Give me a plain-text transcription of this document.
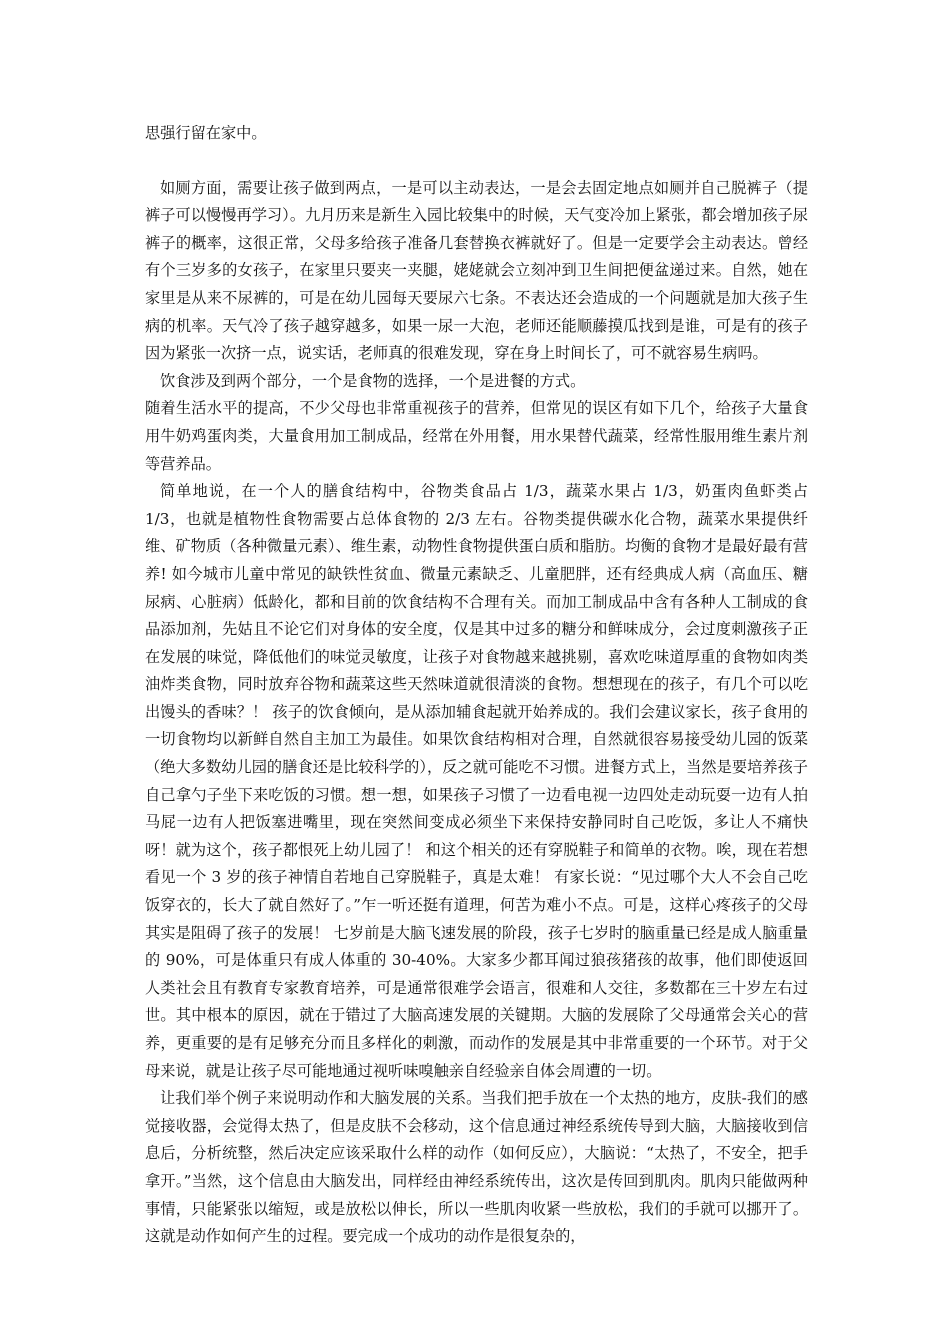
思强行留在家中。

如厕方面，需要让孩子做到两点，一是可以主动表达，一是会去固定地点如厕并自己脱裤子（提裤子可以慢慢再学习）。九月历来是新生入园比较集中的时候，天气变冷加上紧张，都会增加孩子尿裤子的概率，这很正常，父母多给孩子准备几套替换衣裤就好了。但是一定要学会主动表达。曾经有个三岁多的女孩子，在家里只要夹一夹腿，姥姥就会立刻冲到卫生间把便盆递过来。自然，她在家里是从来不尿裤的，可是在幼儿园每天要尿六七条。不表达还会造成的一个问题就是加大孩子生病的机率。天气冷了孩子越穿越多，如果一尿一大泡，老师还能顺藤摸瓜找到是谁，可是有的孩子因为紧张一次挤一点，说实话，老师真的很难发现，穿在身上时间长了，可不就容易生病吗。

饮食涉及到两个部分，一个是食物的选择，一个是进餐的方式。

随着生活水平的提高，不少父母也非常重视孩子的营养，但常见的误区有如下几个，给孩子大量食用牛奶鸡蛋肉类，大量食用加工制成品，经常在外用餐，用水果替代蔬菜，经常性服用维生素片剂等营养品。

简单地说，在一个人的膳食结构中，谷物类食品占 1/3，蔬菜水果占 1/3，奶蛋肉鱼虾类占 1/3，也就是植物性食物需要占总体食物的 2/3 左右。谷物类提供碳水化合物，蔬菜水果提供纤维、矿物质（各种微量元素）、维生素，动物性食物提供蛋白质和脂肪。均衡的食物才是最好最有营养! 如今城市儿童中常见的缺铁性贫血、微量元素缺乏、儿童肥胖，还有经典成人病（高血压、糖尿病、心脏病）低龄化，都和目前的饮食结构不合理有关。而加工制成品中含有各种人工制成的食品添加剂，先姑且不论它们对身体的安全度，仅是其中过多的糖分和鲜味成分，会过度刺激孩子正在发展的味觉，降低他们的味觉灵敏度，让孩子对食物越来越挑剔，喜欢吃味道厚重的食物如肉类油炸类食物，同时放弃谷物和蔬菜这些天然味道就很清淡的食物。想想现在的孩子，有几个可以吃出馒头的香味？！ 孩子的饮食倾向，是从添加辅食起就开始养成的。我们会建议家长，孩子食用的一切食物均以新鲜自然自主加工为最佳。如果饮食结构相对合理，自然就很容易接受幼儿园的饭菜（绝大多数幼儿园的膳食还是比较科学的），反之就可能吃不习惯。进餐方式上，当然是要培养孩子自己拿勺子坐下来吃饭的习惯。想一想，如果孩子习惯了一边看电视一边四处走动玩耍一边有人拍马屁一边有人把饭塞进嘴里，现在突然间变成必须坐下来保持安静同时自己吃饭，多让人不痛快呀！就为这个，孩子都恨死上幼儿园了！ 和这个相关的还有穿脱鞋子和简单的衣物。唉，现在若想看见一个 3 岁的孩子神情自若地自己穿脱鞋子，真是太难！ 有家长说：“见过哪个大人不会自己吃饭穿衣的，长大了就自然好了。”乍一听还挺有道理，何苦为难小不点。可是，这样心疼孩子的父母其实是阻碍了孩子的发展！ 七岁前是大脑飞速发展的阶段，孩子七岁时的脑重量已经是成人脑重量的 90%，可是体重只有成人体重的 30-40%。大家多少都耳闻过狼孩猪孩的故事，他们即使返回人类社会且有教育专家教育培养，可是通常很难学会语言，很难和人交往，多数都在三十岁左右过世。其中根本的原因，就在于错过了大脑高速发展的关键期。大脑的发展除了父母通常会关心的营养，更重要的是有足够充分而且多样化的刺激，而动作的发展是其中非常重要的一个环节。对于父母来说，就是让孩子尽可能地通过视听味嗅触亲自经验亲自体会周遭的一切。

让我们举个例子来说明动作和大脑发展的关系。当我们把手放在一个太热的地方，皮肤-我们的感觉接收器，会觉得太热了，但是皮肤不会移动，这个信息通过神经系统传导到大脑，大脑接收到信息后，分析统整，然后决定应该采取什么样的动作（如何反应），大脑说：“太热了，不安全，把手拿开。”当然，这个信息由大脑发出，同样经由神经系统传出，这次是传回到肌肉。肌肉只能做两种事情，只能紧张以缩短，或是放松以伸长，所以一些肌肉收紧一些放松，我们的手就可以挪开了。这就是动作如何产生的过程。要完成一个成功的动作是很复杂的，
